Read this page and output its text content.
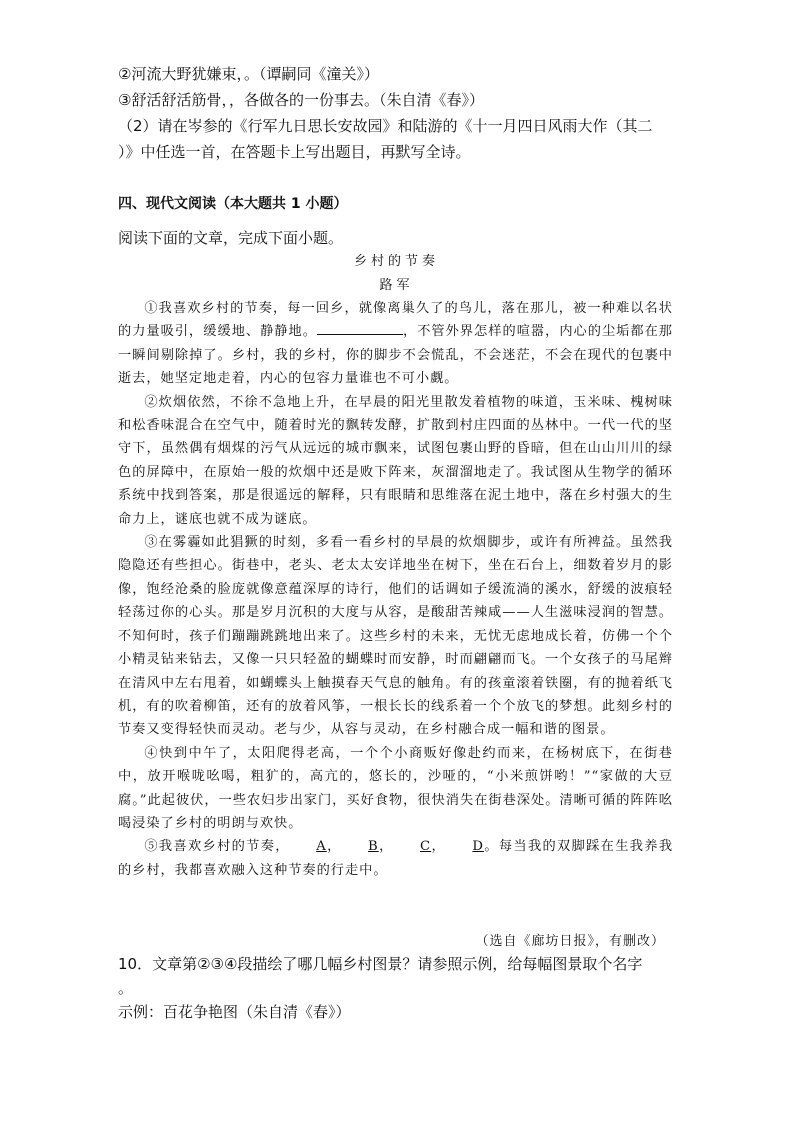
②河流大野犹嫌束，。（谭嗣同《潼关》）
③舒活舒活筋骨，，各做各的一份事去。（朱自清《春》）
（2）请在岑参的《行军九日思长安故园》和陆游的《十一月四日风雨大作（其二
）》中任选一首，在答题卡上写出题目，再默写全诗。
四、现代文阅读（本大题共 1 小题）
阅读下面的文章，完成下面小题。
乡村的节奏
路军

①我喜欢乡村的节奏，每一回乡，就像离巢久了的鸟儿，落在那儿，被一种难以名状的力量吸引，缓缓地、静静地。	，不管外界怎样的喧嚣，内心的尘垢都在那一瞬间剔除掉了。乡村，我的乡村，你的脚步不会慌乱，不会迷茫，不会在现代的包裹中逝去，她坚定地走着，内心的包容力量谁也不可小觑。

②炊烟依然，不徐不急地上升，在早晨的阳光里散发着植物的味道，玉米味、槐树味和松香味混合在空气中，随着时光的飘转发酵，扩散到村庄四面的丛林中。一代一代的坚守下，虽然偶有烟煤的污气从远远的城市飘来，试图包裹山野的昏暗，但在山山川川的绿色的屏障中，在原始一般的炊烟中还是败下阵来，灰溜溜地走了。我试图从生物学的循环系统中找到答案，那是很遥远的解释，只有眼睛和思维落在泥土地中，落在乡村强大的生命力上，谜底也就不成为谜底。

③在雾霾如此猖獗的时刻，多看一看乡村的早晨的炊烟脚步，或许有所裨益。虽然我隐隐还有些担心。街巷中，老头、老太太安详地坐在树下，坐在石台上，细数着岁月的影像，饱经沧桑的脸庞就像意蕴深厚的诗行，他们的话调如子缓流淌的溪水，舒缓的波痕轻轻荡过你的心头。那是岁月沉积的大度与从容，是酸甜苦辣咸——人生滋味浸润的智慧。不知何时，孩子们蹦蹦跳跳地出来了。这些乡村的未来，无忧无虑地成长着，仿佛一个个小精灵钻来钻去，又像一只只轻盈的蝴蝶时而安静，时而翩翩而飞。一个女孩子的马尾辫在清风中左右甩着，如蝴蝶头上触摸春天气息的触角。有的孩童滚着铁圈，有的抛着纸飞机，有的吹着柳笛，还有的放着风筝，一根长长的线系着一个个放飞的梦想。此刻乡村的节奏又变得轻快而灵动。老与少，从容与灵动，在乡村融合成一幅和谐的图景。

④快到中午了，太阳爬得老高，一个个小商贩好像赴约而来，在杨树底下，在街巷中，放开喉咙吆喝，粗犷的，高亢的，悠长的，沙哑的，“小米煎饼哟！”“家做的大豆腐。”此起彼伏，一些农妇步出家门，买好食物，很快消失在街巷深处。清晰可循的阵阵吆喝浸染了乡村的明朗与欢快。

⑤我喜欢乡村的节奏， A， B， C， D。每当我的双脚踩在生我养我的乡村，我都喜欢融入这种节奏的行走中。

（选自《廊坊日报》，有删改）
10．文章第②③④段描绘了哪几幅乡村图景？请参照示例，给每幅图景取个名字
。
示例：百花争艳图（朱自清《春》）
